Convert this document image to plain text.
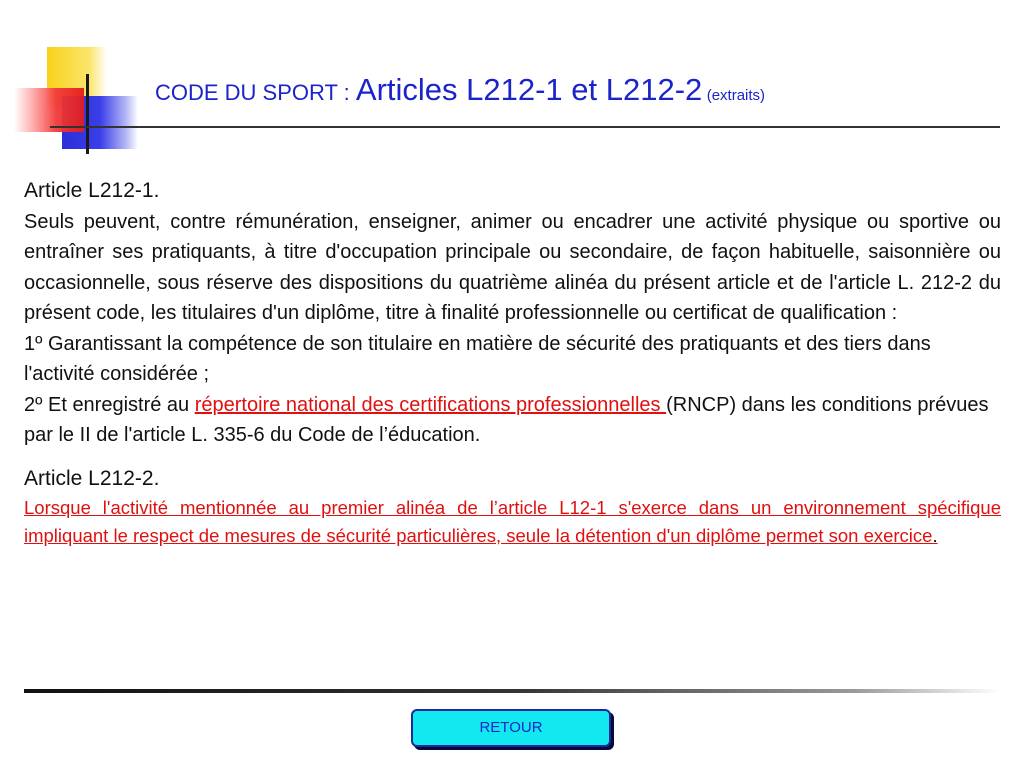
CODE DU SPORT : Articles L212-1 et L212-2 (extraits)
Article L212-1.
Seuls peuvent, contre rémunération, enseigner, animer ou encadrer une activité physique ou sportive ou entraîner ses pratiquants, à titre d'occupation principale ou secondaire, de façon habituelle, saisonnière ou occasionnelle, sous réserve des dispositions du quatrième alinéa du présent article et de l'article L. 212-2 du présent code, les titulaires d'un diplôme, titre à finalité professionnelle ou certificat de qualification :
1º Garantissant la compétence de son titulaire en matière de sécurité des pratiquants et des tiers dans l'activité considérée ;
2º Et enregistré au répertoire national des certifications professionnelles (RNCP) dans les conditions prévues par le II de l'article L. 335-6 du Code de l’éducation.
Article L212-2.
Lorsque l'activité mentionnée au premier alinéa de l’article L12-1 s'exerce dans un environnement spécifique impliquant le respect de mesures de sécurité particulières, seule la détention d'un diplôme permet son exercice.
RETOUR
